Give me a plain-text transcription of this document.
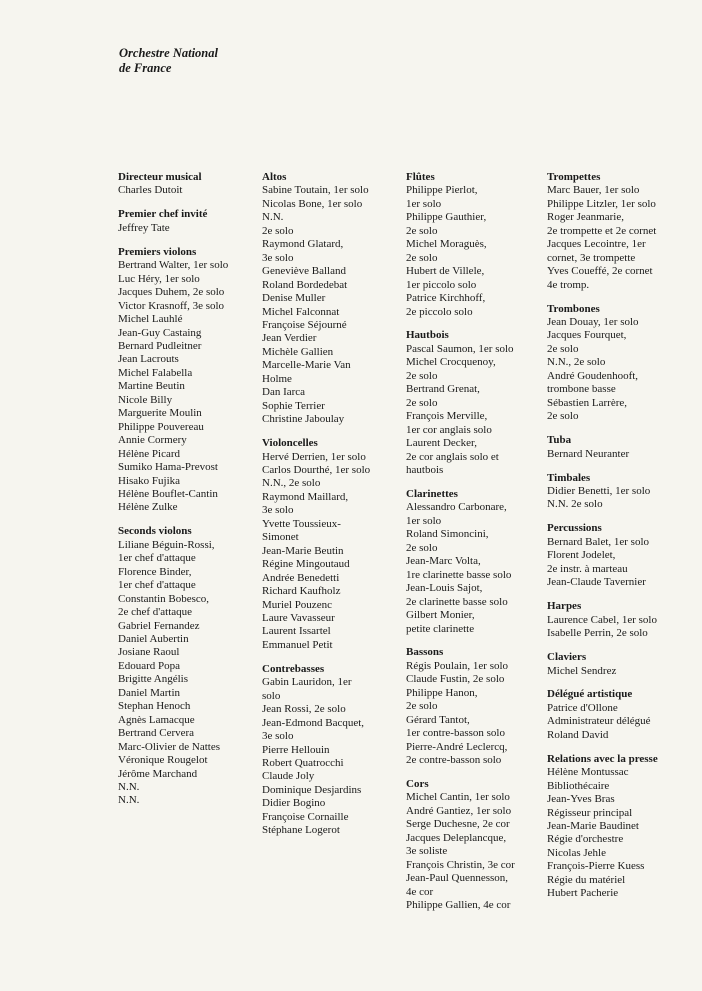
Orchestre National
de France
Directeur musical
Charles Dutoit
Premier chef invité
Jeffrey Tate
Premiers violons
Bertrand Walter, 1er solo
Luc Héry, 1er solo
Jacques Duhem, 2e solo
Victor Krasnoff, 3e solo
Michel Lauhlé
Jean-Guy Castaing
Bernard Pudleitner
Jean Lacrouts
Michel Falabella
Martine Beutin
Nicole Billy
Marguerite Moulin
Philippe Pouvereau
Annie Cormery
Hélène Picard
Sumiko Hama-Prevost
Hisako Fujika
Hélène Bouflet-Cantin
Hélène Zulke
Seconds violons
Liliane Béguin-Rossi,
1er chef d'attaque
Florence Binder,
1er chef d'attaque
Constantin Bobesco,
2e chef d'attaque
Gabriel Fernandez
Daniel Aubertin
Josiane Raoul
Edouard Popa
Brigitte Angélis
Daniel Martin
Stephan Henoch
Agnès Lamacque
Bertrand Cervera
Marc-Olivier de Nattes
Véronique Rougelot
Jérôme Marchand
N.N.
N.N.
Altos
Sabine Toutain, 1er solo
Nicolas Bone, 1er solo
N.N.
2e solo
Raymond Glatard,
3e solo
Geneviève Balland
Roland Bordedebat
Denise Muller
Michel Falconnat
Françoise Séjourné
Jean Verdier
Michèle Gallien
Marcelle-Marie Van
Holme
Dan Iarca
Sophie Terrier
Christine Jaboulay
Violoncelles
Hervé Derrien, 1er solo
Carlos Dourthé, 1er solo
N.N., 2e solo
Raymond Maillard,
3e solo
Yvette Toussieux-
Simonet
Jean-Marie Beutin
Régine Mingoutaud
Andrée Benedetti
Richard Kaufholz
Muriel Pouzenc
Laure Vavasseur
Laurent Issartel
Emmanuel Petit
Contrebasses
Gabin Lauridon, 1er
solo
Jean Rossi, 2e solo
Jean-Edmond Bacquet,
3e solo
Pierre Hellouin
Robert Quatrocchi
Claude Joly
Dominique Desjardins
Didier Bogino
Françoise Cornaille
Stéphane Logerot
Flûtes
Philippe Pierlot,
1er solo
Philippe Gauthier,
2e solo
Michel Moraguès,
2e solo
Hubert de Villele,
1er piccolo solo
Patrice Kirchhoff,
2e piccolo solo
Hautbois
Pascal Saumon, 1er solo
Michel Crocquenoy,
2e solo
Bertrand Grenat,
2e solo
François Merville,
1er cor anglais solo
Laurent Decker,
2e cor anglais solo et
hautbois
Clarinettes
Alessandro Carbonare,
1er solo
Roland Simoncini,
2e solo
Jean-Marc Volta,
1re clarinette basse solo
Jean-Louis Sajot,
2e clarinette basse solo
Gilbert Monier,
petite clarinette
Bassons
Régis Poulain, 1er solo
Claude Fustin, 2e solo
Philippe Hanon,
2e solo
Gérard Tantot,
1er contre-basson solo
Pierre-André Leclercq,
2e contre-basson solo
Cors
Michel Cantin, 1er solo
André Gantiez, 1er solo
Serge Duchesne, 2e cor
Jacques Deleplancque,
3e soliste
François Christin, 3e cor
Jean-Paul Quennesson,
4e cor
Philippe Gallien, 4e cor
Trompettes
Marc Bauer, 1er solo
Philippe Litzler, 1er solo
Roger Jeanmarie,
2e trompette et 2e cornet
Jacques Lecointre, 1er
cornet, 3e trompette
Yves Coueffé, 2e cornet
4e tromp.
Trombones
Jean Douay, 1er solo
Jacques Fourquet,
2e solo
N.N., 2e solo
André Goudenhooft,
trombone basse
Sébastien Larrère,
2e solo
Tuba
Bernard Neuranter
Timbales
Didier Benetti, 1er solo
N.N. 2e solo
Percussions
Bernard Balet, 1er solo
Florent Jodelet,
2e instr. à marteau
Jean-Claude Tavernier
Harpes
Laurence Cabel, 1er solo
Isabelle Perrin, 2e solo
Claviers
Michel Sendrez
Délégué artistique
Patrice d'Ollone
Administrateur délégué
Roland David
Relations avec la presse
Hélène Montussac
Bibliothécaire
Jean-Yves Bras
Régisseur principal
Jean-Marie Baudinet
Régie d'orchestre
Nicolas Jehle
François-Pierre Kuess
Régie du matériel
Hubert Pacherie
